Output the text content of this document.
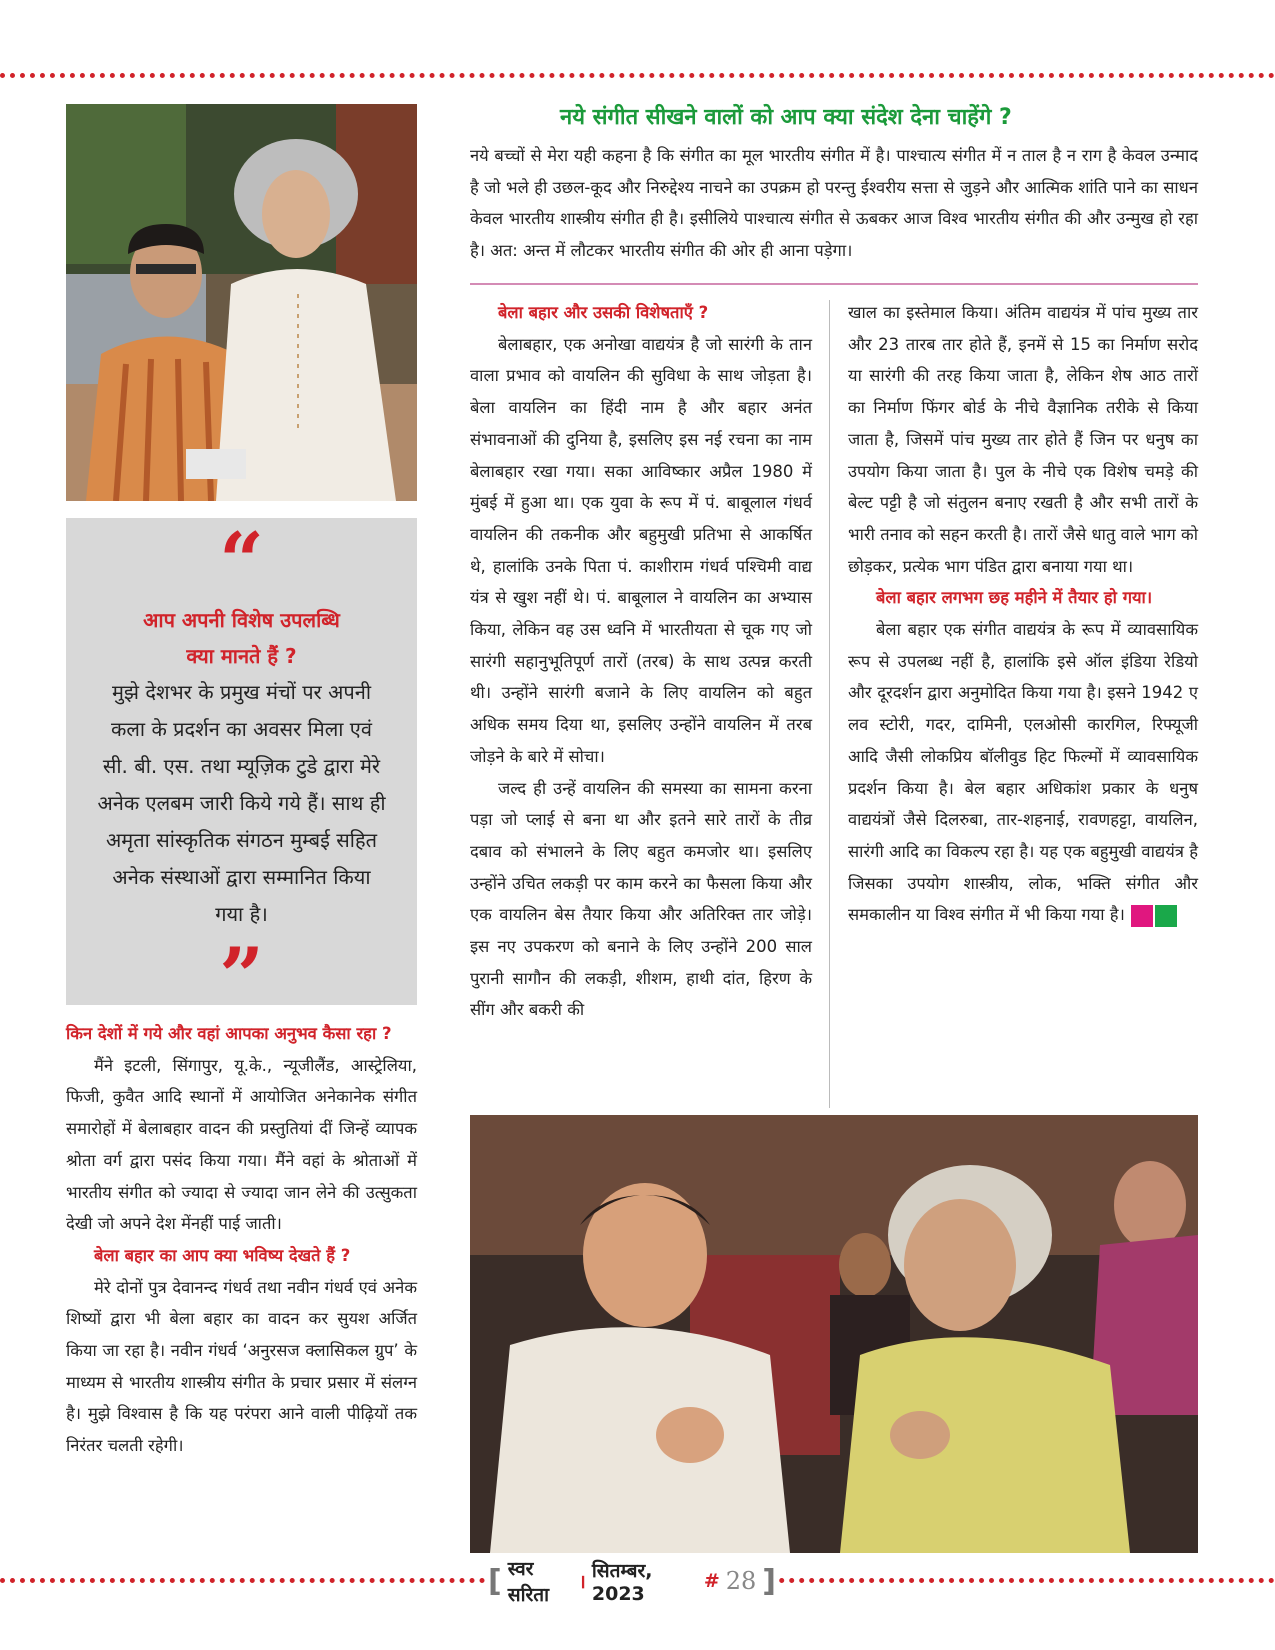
“
आप अपनी विशेष उपलब्धि क्या मानते हैं ?
मुझे देशभर के प्रमुख मंचों पर अपनी कला के प्रदर्शन का अवसर मिला एवं सी. बी. एस. तथा म्यूज़िक टुडे द्वारा मेरे अनेक एलबम जारी किये गये हैं। साथ ही अमृता सांस्कृतिक संगठन मुम्बई सहित अनेक संस्थाओं द्वारा सम्मानित किया गया है।
”
किन देशों में गये और वहां आपका अनुभव कैसा रहा ?

मैंने इटली, सिंगापुर, यू.के., न्यूजीलैंड, आस्ट्रेलिया, फिजी, कुवैत आदि स्थानों में आयोजित अनेकानेक संगीत समारोहों में बेलाबहार वादन की प्रस्तुतियां दीं जिन्हें व्यापक श्रोता वर्ग द्वारा पसंद किया गया। मैंने वहां के श्रोताओं में भारतीय संगीत को ज्यादा से ज्यादा जान लेने की उत्सुकता देखी जो अपने देश मेंनहीं पाई जाती।

बेला बहार का आप क्या भविष्य देखते हैं ?

मेरे दोनों पुत्र देवानन्द गंधर्व तथा नवीन गंधर्व एवं अनेक शिष्यों द्वारा भी बेला बहार का वादन कर सुयश अर्जित किया जा रहा है। नवीन गंधर्व ‘अनुरसज क्लासिकल ग्रुप’ के माध्यम से भारतीय शास्त्रीय संगीत के प्रचार प्रसार में संलग्न है। मुझे विश्वास है कि यह परंपरा आने वाली पीढ़ियों तक निरंतर चलती रहेगी।

नये संगीत सीखने वालों को आप क्या संदेश देना चाहेंगे ?
नये बच्चों से मेरा यही कहना है कि संगीत का मूल भारतीय संगीत में है। पाश्चात्य संगीत में न ताल है न राग है केवल उन्माद है जो भले ही उछल-कूद और निरुद्देश्य नाचने का उपक्रम हो परन्तु ईश्वरीय सत्ता से जुड़ने और आत्मिक शांति पाने का साधन केवल भारतीय शास्त्रीय संगीत ही है। इसीलिये पाश्चात्य संगीत से ऊबकर आज विश्व भारतीय संगीत की और उन्मुख हो रहा है। अत: अन्त में लौटकर भारतीय संगीत की ओर ही आना पड़ेगा।
बेला बहार और उसकी विशेषताएँ ?

बेलाबहार, एक अनोखा वाद्ययंत्र है जो सारंगी के तान वाला प्रभाव को वायलिन की सुविधा के साथ जोड़ता है। बेला वायलिन का हिंदी नाम है और बहार अनंत संभावनाओं की दुनिया है, इसलिए इस नई रचना का नाम बेलाबहार रखा गया। सका आविष्कार अप्रैल 1980 में मुंबई में हुआ था। एक युवा के रूप में पं. बाबूलाल गंधर्व वायलिन की तकनीक और बहुमुखी प्रतिभा से आकर्षित थे, हालांकि उनके पिता पं. काशीराम गंधर्व पश्चिमी वाद्य यंत्र से खुश नहीं थे। पं. बाबूलाल ने वायलिन का अभ्यास किया, लेकिन वह उस ध्वनि में भारतीयता से चूक गए जो सारंगी सहानुभूतिपूर्ण तारों (तरब) के साथ उत्पन्न करती थी। उन्होंने सारंगी बजाने के लिए वायलिन को बहुत अधिक समय दिया था, इसलिए उन्होंने वायलिन में तरब जोड़ने के बारे में सोचा।

जल्द ही उन्हें वायलिन की समस्या का सामना करना पड़ा जो प्लाई से बना था और इतने सारे तारों के तीव्र दबाव को संभालने के लिए बहुत कमजोर था। इसलिए उन्होंने उचित लकड़ी पर काम करने का फैसला किया और एक वायलिन बेस तैयार किया और अतिरिक्त तार जोड़े। इस नए उपकरण को बनाने के लिए उन्होंने 200 साल पुरानी सागौन की लकड़ी, शीशम, हाथी दांत, हिरण के सींग और बकरी की

खाल का इस्तेमाल किया। अंतिम वाद्ययंत्र में पांच मुख्य तार और 23 तारब तार होते हैं, इनमें से 15 का निर्माण सरोद या सारंगी की तरह किया जाता है, लेकिन शेष आठ तारों का निर्माण फिंगर बोर्ड के नीचे वैज्ञानिक तरीके से किया जाता है, जिसमें पांच मुख्य तार होते हैं जिन पर धनुष का उपयोग किया जाता है। पुल के नीचे एक विशेष चमड़े की बेल्ट पट्टी है जो संतुलन बनाए रखती है और सभी तारों के भारी तनाव को सहन करती है। तारों जैसे धातु वाले भाग को छोड़कर, प्रत्येक भाग पंडित द्वारा बनाया गया था।

बेला बहार लगभग छह महीने में तैयार हो गया।

बेला बहार एक संगीत वाद्ययंत्र के रूप में व्यावसायिक रूप से उपलब्ध नहीं है, हालांकि इसे ऑल इंडिया रेडियो और दूरदर्शन द्वारा अनुमोदित किया गया है। इसने 1942 ए लव स्टोरी, गदर, दामिनी, एलओसी कारगिल, रिफ्यूजी आदि जैसी लोकप्रिय बॉलीवुड हिट फिल्मों में व्यावसायिक प्रदर्शन किया है। बेल बहार अधिकांश प्रकार के धनुष वाद्ययंत्रों जैसे दिलरुबा, तार-शहनाई, रावणहट्टा, वायलिन, सारंगी आदि का विकल्प रहा है। यह एक बहुमुखी वाद्ययंत्र है जिसका उपयोग शास्त्रीय, लोक, भक्ति संगीत और समकालीन या विश्व संगीत में भी किया गया है।

[ स्वर सरिता
। सितम्बर, 2023
# 28 ]
